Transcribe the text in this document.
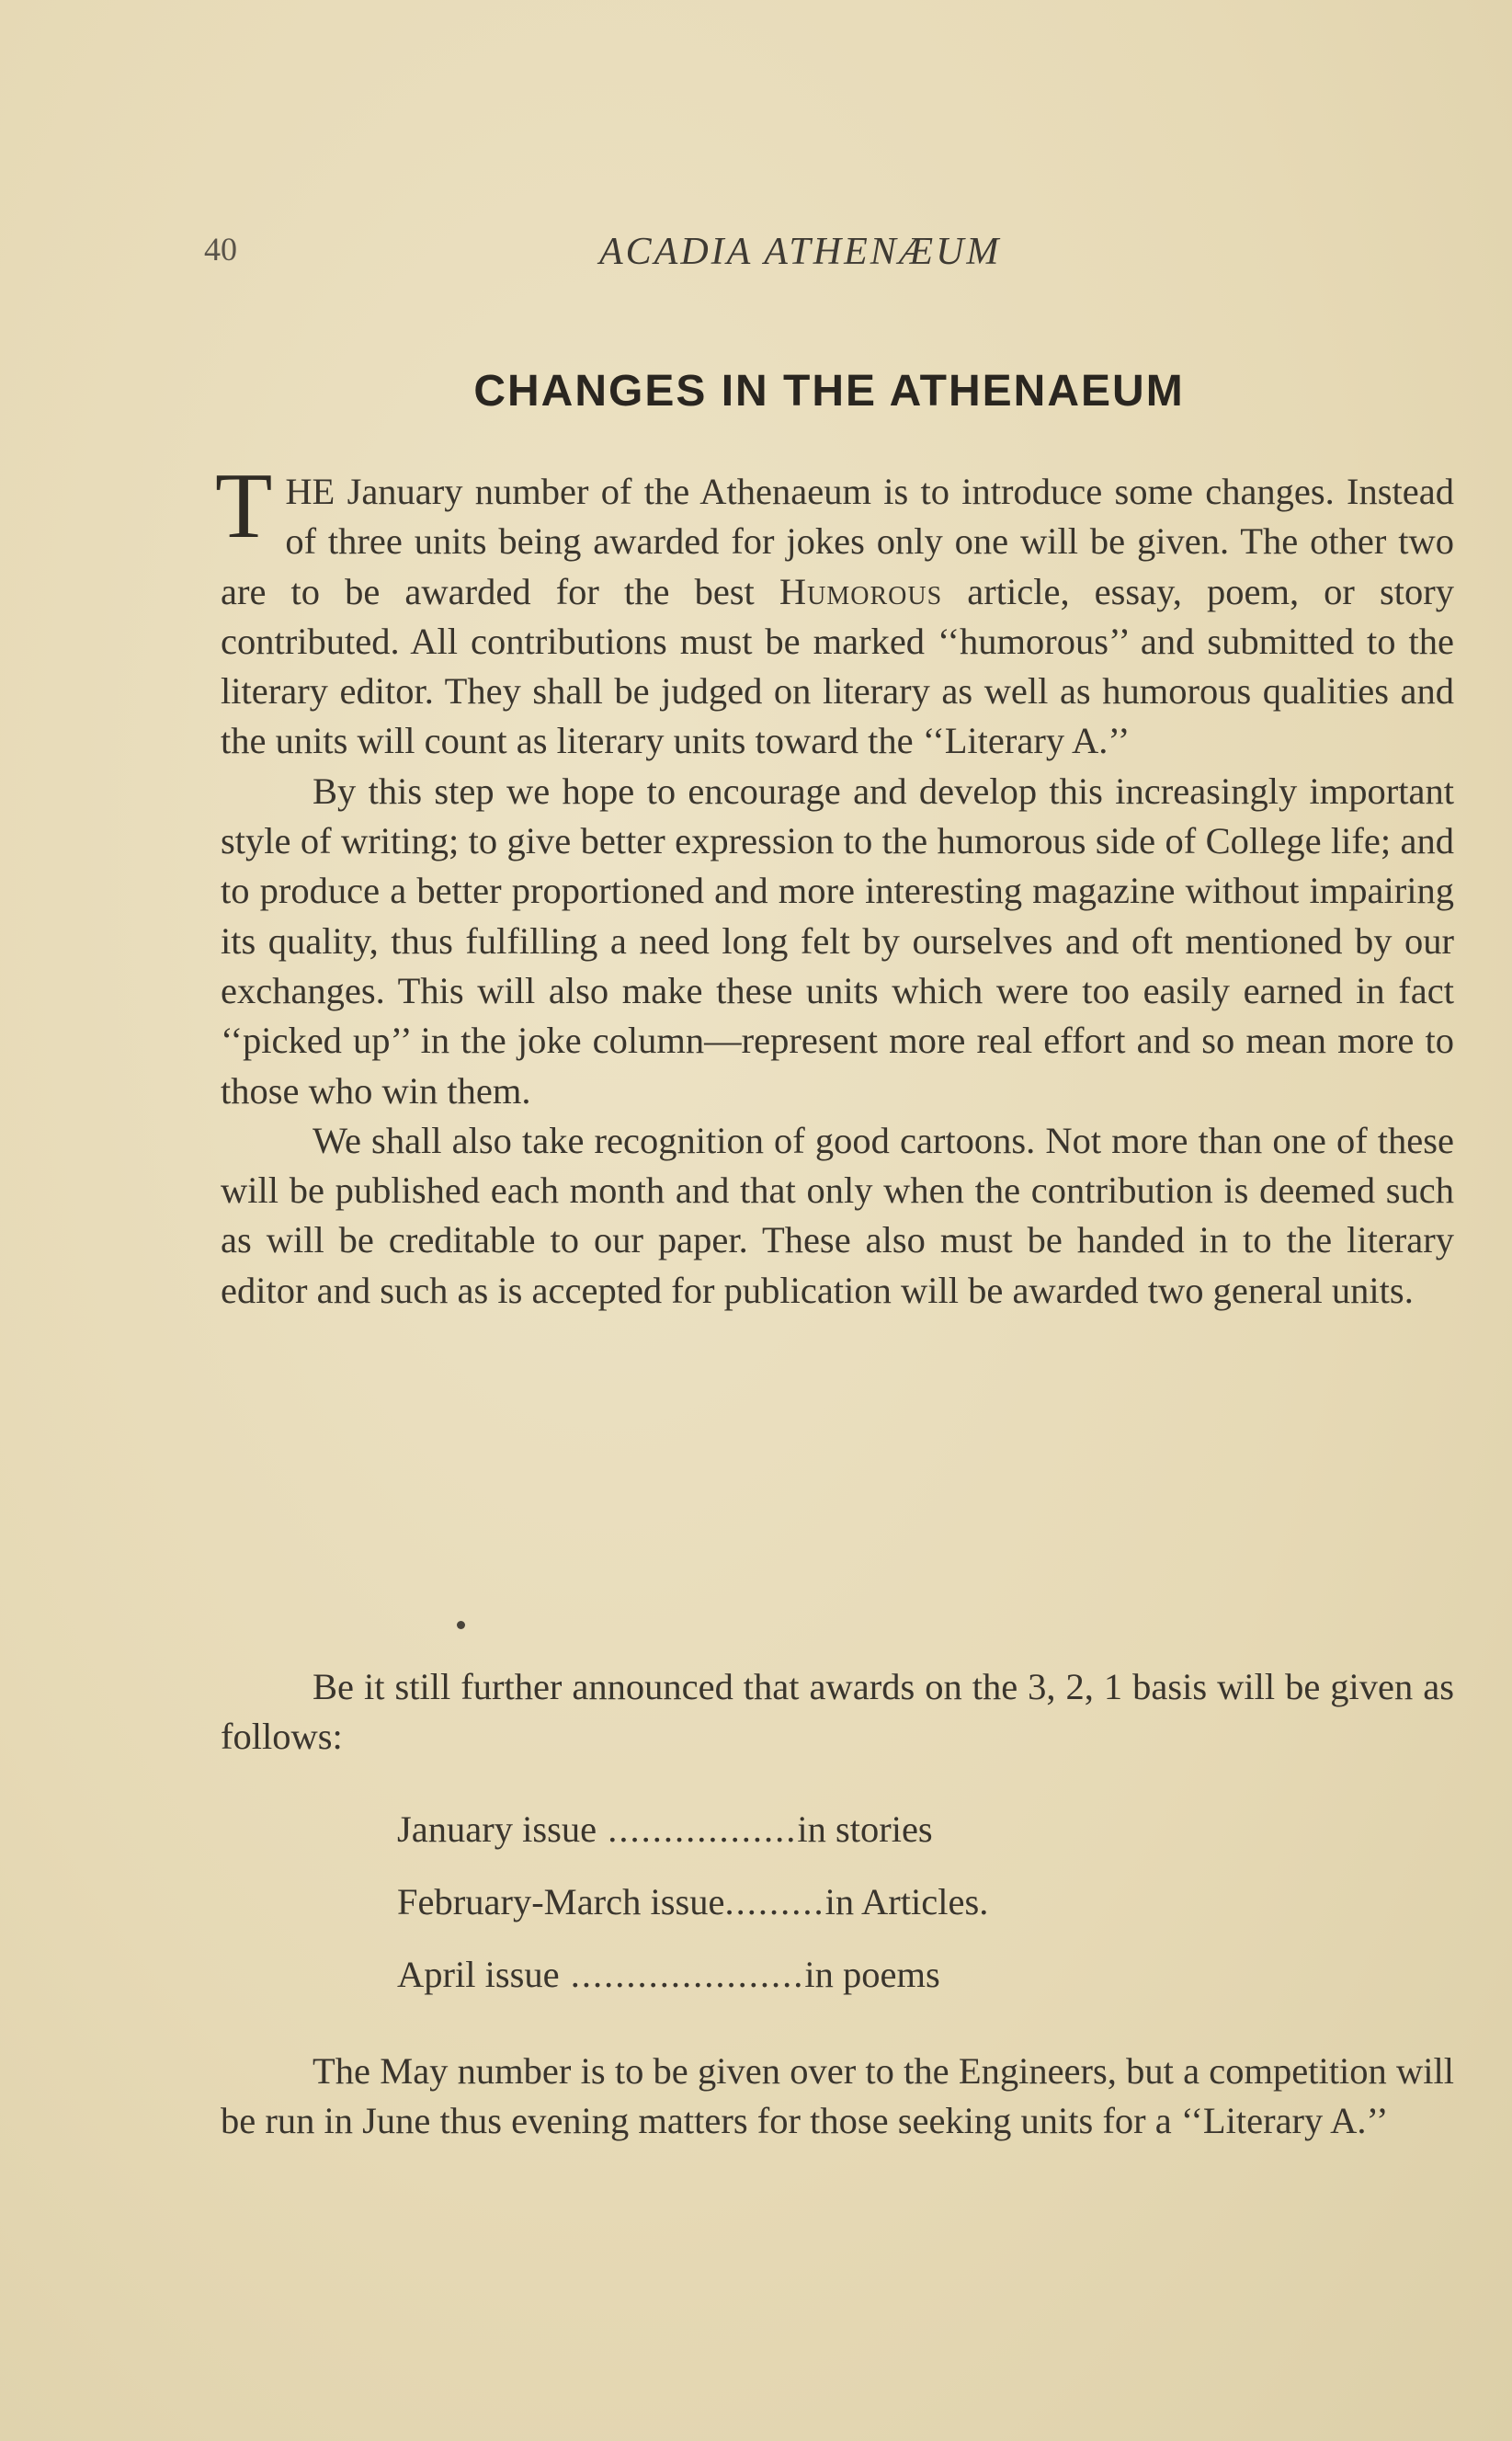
40	ACADIA ATHENÆUM
CHANGES IN THE ATHENAEUM

THE January number of the Athenaeum is to introduce some changes. Instead of three units being awarded for jokes only one will be given. The other two are to be awarded for the best Humorous article, essay, poem, or story contributed. All contributions must be marked ‘‘humorous’’ and submitted to the literary editor. They shall be judged on literary as well as humorous qualities and the units will count as literary units toward the ‘‘Literary A.’’

By this step we hope to encourage and develop this increasingly important style of writing; to give better expression to the humorous side of College life; and to produce a better proportioned and more interesting magazine without impairing its quality, thus fulfilling a need long felt by ourselves and oft mentioned by our exchanges. This will also make these units which were too easily earned in fact ‘‘picked up’’ in the joke column—represent more real effort and so mean more to those who win them.

We shall also take recognition of good cartoons. Not more than one of these will be published each month and that only when the contribution is deemed such as will be creditable to our paper. These also must be handed in to the literary editor and such as is accepted for publication will be awarded two general units.

Be it still further announced that awards on the 3, 2, 1 basis will be given as follows:

January issue .................in stories
February-March issue.........in Articles.
April issue .....................in poems

The May number is to be given over to the Engineers, but a competition will be run in June thus evening matters for those seeking units for a ‘‘Literary A.’’
